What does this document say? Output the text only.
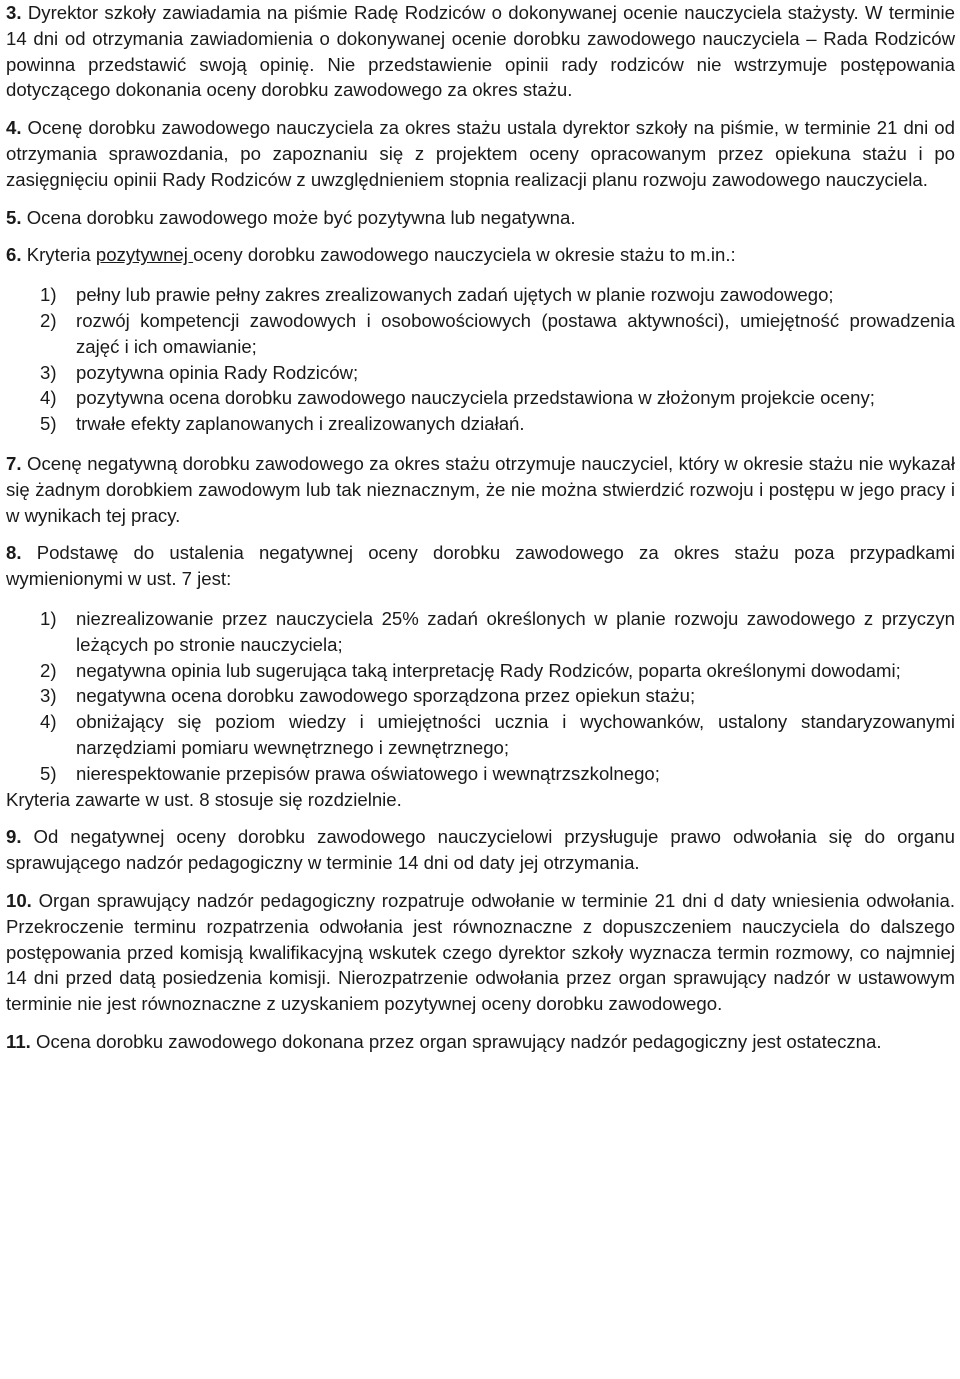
3. Dyrektor szkoły zawiadamia na piśmie Radę Rodziców o dokonywanej ocenie nauczyciela stażysty. W terminie 14 dni od otrzymania zawiadomienia o dokonywanej ocenie dorobku zawodowego nauczyciela – Rada Rodziców powinna przedstawić swoją opinię. Nie przedstawienie opinii rady rodziców nie wstrzymuje postępowania dotyczącego dokonania oceny dorobku zawodowego za okres stażu.

4. Ocenę dorobku zawodowego nauczyciela za okres stażu ustala dyrektor szkoły na piśmie, w terminie 21 dni od otrzymania sprawozdania, po zapoznaniu się z projektem oceny opracowanym przez opiekuna stażu i po zasięgnięciu opinii Rady Rodziców z uwzględnieniem stopnia realizacji planu rozwoju zawodowego nauczyciela.

5. Ocena dorobku zawodowego może być pozytywna lub negatywna.

6. Kryteria pozytywnej oceny dorobku zawodowego nauczyciela w okresie stażu to m.in.:

1)	pełny lub prawie pełny zakres zrealizowanych zadań ujętych w planie rozwoju zawodowego;
2)	rozwój kompetencji zawodowych i osobowościowych (postawa aktywności), umiejętność prowadzenia zajęć i ich omawianie;
3)	pozytywna opinia Rady Rodziców;
4)	pozytywna ocena dorobku zawodowego nauczyciela przedstawiona w złożonym projekcie oceny;
5)	trwałe efekty zaplanowanych i zrealizowanych działań.

7. Ocenę negatywną dorobku zawodowego za okres stażu otrzymuje nauczyciel, który w okresie stażu nie wykazał się żadnym dorobkiem zawodowym lub tak nieznacznym, że nie można stwierdzić rozwoju i postępu w jego pracy i w wynikach tej pracy.

8. Podstawę do ustalenia negatywnej oceny dorobku zawodowego za okres stażu poza przypadkami wymienionymi w ust. 7 jest:

1)	niezrealizowanie przez nauczyciela 25% zadań określonych w planie rozwoju zawodowego z przyczyn leżących po stronie nauczyciela;
2)	negatywna opinia lub sugerująca taką interpretację Rady Rodziców, poparta określonymi dowodami;
3)	negatywna ocena dorobku zawodowego sporządzona przez opiekun stażu;
4)	obniżający się poziom wiedzy i umiejętności ucznia i wychowanków, ustalony standaryzowanymi narzędziami pomiaru wewnętrznego i zewnętrznego;
5)	nierespektowanie przepisów prawa oświatowego i wewnątrzszkolnego;

Kryteria zawarte w ust. 8 stosuje się rozdzielnie.

9. Od negatywnej oceny dorobku zawodowego nauczycielowi przysługuje prawo odwołania się do organu sprawującego nadzór pedagogiczny w terminie 14 dni od daty jej otrzymania.

10. Organ sprawujący nadzór pedagogiczny rozpatruje odwołanie w terminie 21 dni d daty wniesienia odwołania. Przekroczenie terminu rozpatrzenia odwołania jest równoznaczne z dopuszczeniem nauczyciela do dalszego postępowania przed komisją kwalifikacyjną wskutek czego dyrektor szkoły wyznacza termin rozmowy, co najmniej 14 dni przed datą posiedzenia komisji. Nierozpatrzenie odwołania przez organ sprawujący nadzór w ustawowym terminie nie jest równoznaczne z uzyskaniem pozytywnej oceny dorobku zawodowego.

11. Ocena dorobku zawodowego dokonana przez organ sprawujący nadzór pedagogiczny jest ostateczna.
